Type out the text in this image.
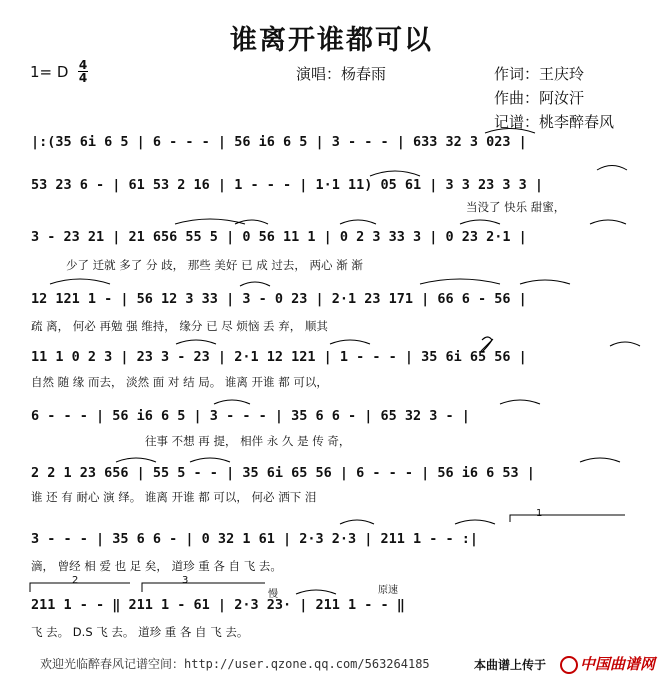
谁离开谁都可以
1= D 4
4	演唱：杨春雨	作词：王庆玲
作曲：阿汝汗
记谱：桃李醉春风
|:(35 6i 6 5 | 6 - - - | 56 i6 6 5 | 3 - - - | 633 32 3 023 |
53 23 6 - | 61 53 2 16 | 1 - - - | 1·1 11) 05 61 | 3 3 23 3 3 |
当没了 快乐 甜蜜，
3 - 23 21 | 21 656 55 5 | 0 56 11 1 | 0 2 3 33 3 | 0 23 2·1 |
少了 迁就 多了 分 歧， 那些 美好 已 成 过去， 两心 渐 渐
12 121 1 - | 56 12 3 33 | 3 - 0 23 | 2·1 23 171 | 66 6 - 56 |
疏 离， 何必 再勉 强 维持， 缘分 已 尽 烦恼 丢 弃， 顺其
11 1 0 2 3 | 23 3 - 23 | 2·1 12 121 | 1 - - - | 35 6i 65 56 |
自然 随 缘 而去， 淡然 面 对 结 局。 谁离 开谁 都 可以，
6 - - - | 56 i6 6 5 | 3 - - - | 35 6 6 - | 65 32 3 - |
往事 不想 再 提， 相伴 永 久 是 传 奇，
2 2 1 23 656 | 55 5 - - | 35 6i 65 56 | 6 - - - | 56 i6 6 53 |
谁 还 有 耐心 演 绎。 谁离 开谁 都 可以， 何必 洒下 泪
3 - - - | 35 6 6 - | 0 32 1 61 | 2·3 2·3 | 211 1 - - :|
滴， 曾经 相 爱 也 足 矣， 道珍 重 各 自 飞 去。
211 1 - - ‖ 211 1 - 61 | 2·3 23· | 211 1 - - ‖
飞 去。 D.S 飞 去。 道珍 重 各 自 飞 去。
1
2	3
慢	原速
欢迎光临醉春风记谱空间：http://user.qzone.qq.com/563264185	本曲谱上传于	中国曲谱网
